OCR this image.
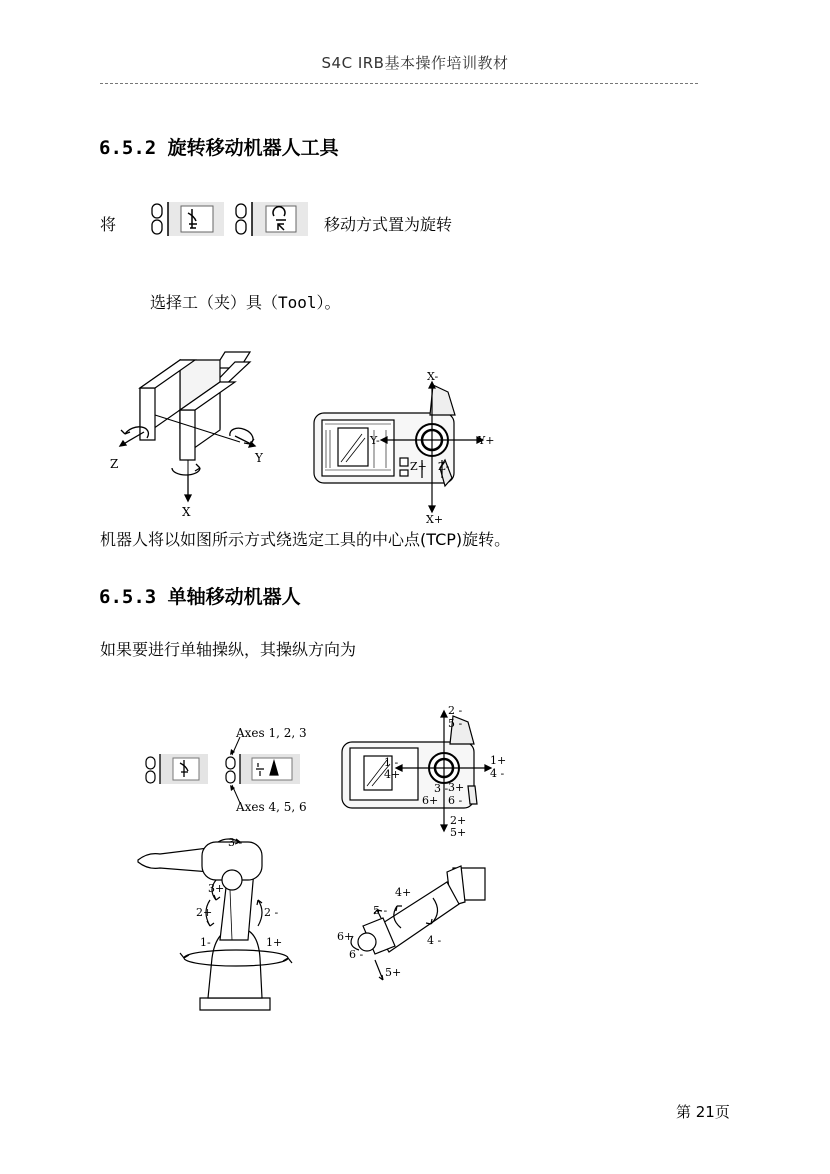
S4C IRB基本操作培训教材
6.5.2 旋转移动机器人工具
将	移动方式置为旋转
选择工（夹）具（Tool）。
Z	Y
X
X-
Y-	Y+
Z+ Z-
X+
机器人将以如图所示方式绕选定工具的中心点(TCP)旋转。
6.5.3 单轴移动机器人
如果要进行单轴操纵，其操纵方向为
Axes 1, 2, 3
Axes 4, 5, 6
2 -
5 -
1 -
4+
1+
4 -
3 - 3+
6+ 6 -
2+
5+
3 -
3+
2+	2 -
1-	1+
4+
5 -
6+
6 -
4 -
5+
第 21页
